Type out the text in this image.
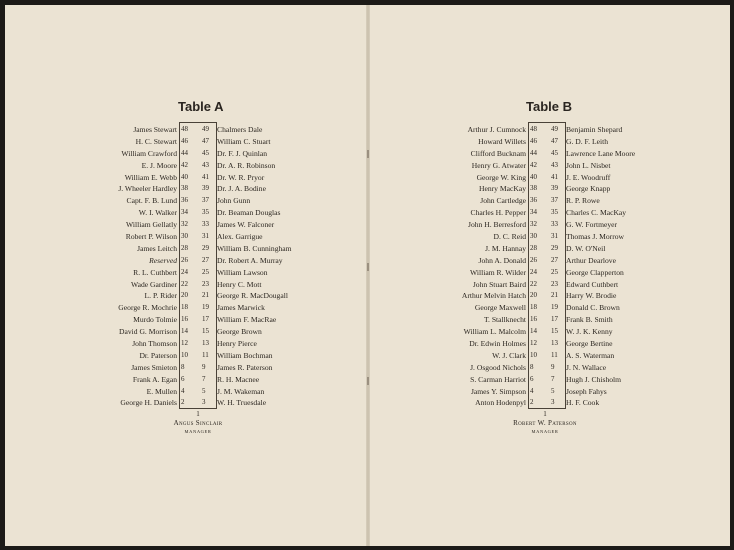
Table A
James Stewart 48 49 Chalmers Dale
H. C. Stewart 46 47 William C. Stuart
William Crawford 44 45 Dr. F. J. Quinlan
E. J. Moore 42 43 Dr. A. R. Robinson
William E. Webb 40 41 Dr. W. R. Pryor
J. Wheeler Hardley 38 39 Dr. J. A. Bodine
Capt. F. B. Lund 36 37 John Gunn
W. I. Walker 34 35 Dr. Beaman Douglas
William Gellatly 32 33 James W. Falconer
Robert P. Wilson 30 31 Alex. Garrigue
James Leitch 28 29 William B. Cunningham
Reserved 26 27 Dr. Robert A. Murray
R. L. Cuthbert 24 25 William Lawson
Wade Gardiner 22 23 Henry C. Mott
L. P. Rider 20 21 George R. MacDougall
George R. Mochrie 18 19 James Marwick
Murdo Tolmie 16 17 William F. MacRae
David G. Morrison 14 15 George Brown
John Thomson 12 13 Henry Pierce
Dr. Paterson 10 11 William Bochman
James Smieton 8	9 James R. Paterson
Frank A. Egan 6	7 R. H. Macnee
E. Mullen 4	5 J. M. Wakeman
George H. Daniels 2	3 W. H. Truesdale
1
Angus Sinclair
MANAGER
Table B
Arthur J. Cumnock 48 49 Benjamin Shepard
Howard Willets 46 47 G. D. F. Leith
Clifford Bucknam 44 45 Lawrence Lane Moore
Henry G. Atwater 42 43 John L. Nisbet
George W. King 40 41 J. E. Woodruff
Henry MacKay 38 39 George Knapp
John Cartledge 36 37 R. P. Rowe
Charles H. Pepper 34 35 Charles C. MacKay
John H. Berresford 32 33 G. W. Fortmeyer
D. C. Reid 30 31 Thomas J. Morrow
J. M. Hannay 28 29 D. W. O'Neil
John A. Donald 26 27 Arthur Dearlove
William R. Wilder 24 25 George Clapperton
John Stuart Baird 22 23 Edward Cuthbert
Arthur Melvin Hatch 20 21 Harry W. Brodie
George Maxwell 18 19 Donald C. Brown
T. Stallknecht 16 17 Frank B. Smith
William L. Malcolm 14 15 W. J. K. Kenny
Dr. Edwin Holmes 12 13 George Bertine
W. J. Clark 10 11 A. S. Waterman
J. Osgood Nichols 8	9 J. N. Wallace
S. Carman Harriot 6	7 Hugh J. Chisholm
James Y. Simpson 4	5 Joseph Fahys
Anton Hodenpyl 2	3 H. F. Cook
1
Robert W. Paterson
MANAGER
